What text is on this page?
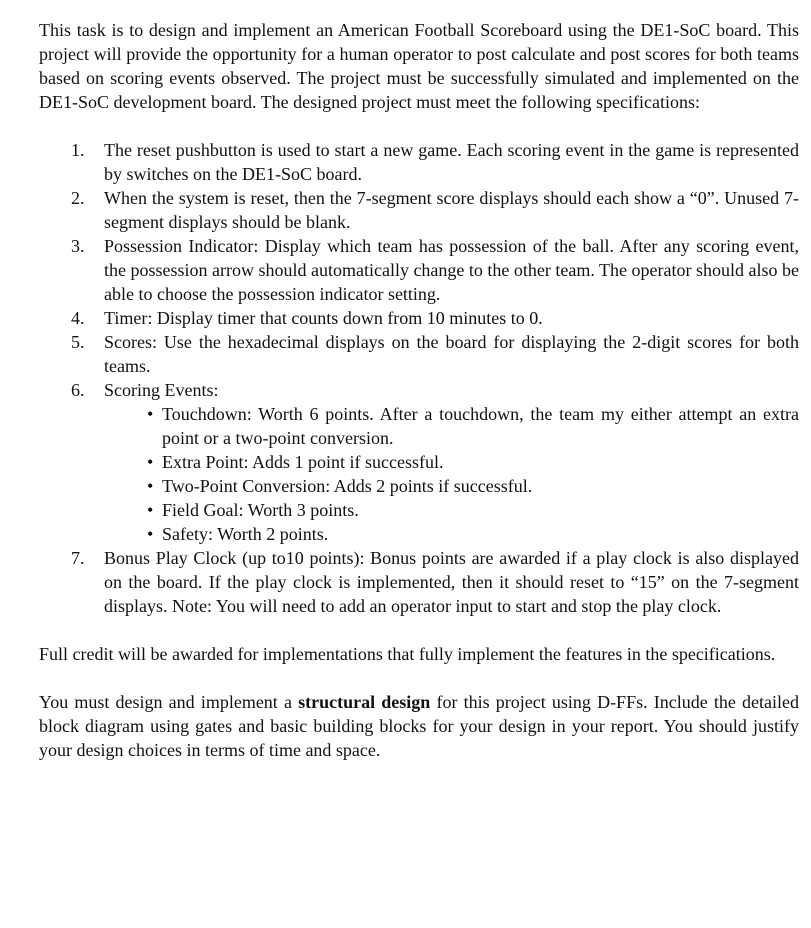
This task is to design and implement an American Football Scoreboard using the DE1-SoC board. This project will provide the opportunity for a human operator to post calculate and post scores for both teams based on scoring events observed. The project must be successfully simulated and implemented on the DE1-SoC development board. The designed project must meet the following specifications:

1. The reset pushbutton is used to start a new game. Each scoring event in the game is represented by switches on the DE1-SoC board.
2. When the system is reset, then the 7-segment score displays should each show a “0”. Unused 7-segment displays should be blank.
3. Possession Indicator: Display which team has possession of the ball. After any scoring event, the possession arrow should automatically change to the other team. The operator should also be able to choose the possession indicator setting.
4. Timer: Display timer that counts down from 10 minutes to 0.
5. Scores: Use the hexadecimal displays on the board for displaying the 2-digit scores for both teams.
6. Scoring Events:
• Touchdown: Worth 6 points. After a touchdown, the team my either attempt an extra point or a two-point conversion.
• Extra Point: Adds 1 point if successful.
• Two-Point Conversion: Adds 2 points if successful.
• Field Goal: Worth 3 points.
• Safety: Worth 2 points.
7. Bonus Play Clock (up to10 points): Bonus points are awarded if a play clock is also displayed on the board. If the play clock is implemented, then it should reset to “15” on the 7-segment displays. Note: You will need to add an operator input to start and stop the play clock.

Full credit will be awarded for implementations that fully implement the features in the specifications.

You must design and implement a structural design for this project using D-FFs. Include the detailed block diagram using gates and basic building blocks for your design in your report. You should justify your design choices in terms of time and space.
